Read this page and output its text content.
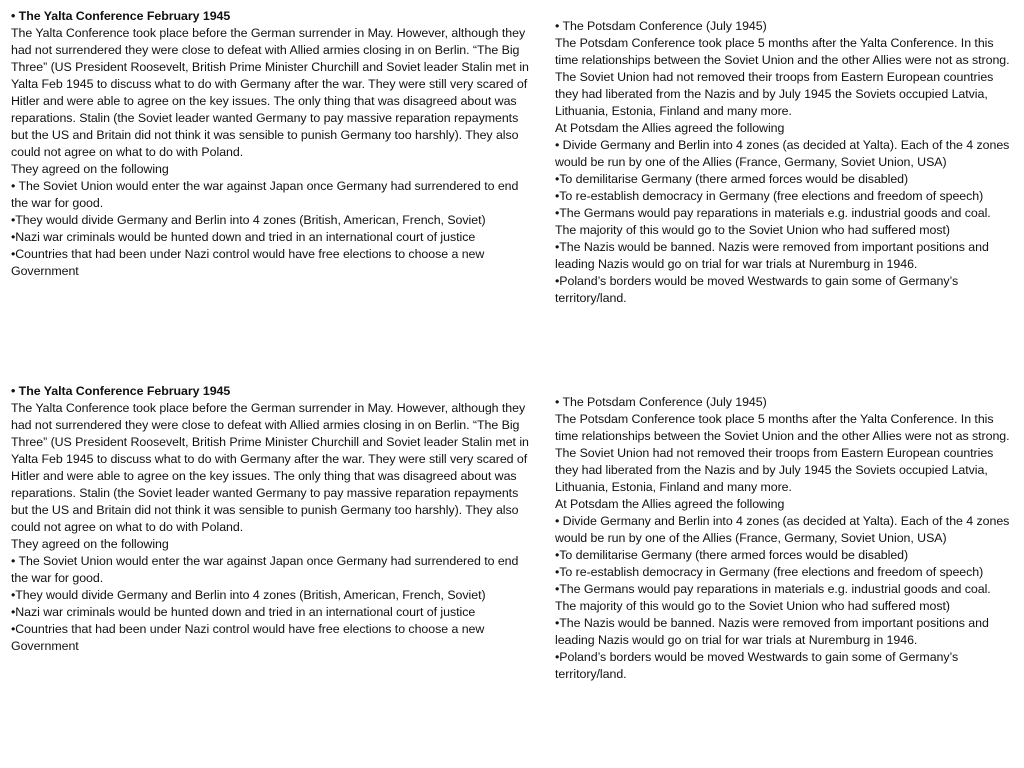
• The Yalta Conference February 1945

The Yalta Conference took place before the German surrender in May. However, although they had not surrendered they were close to defeat with Allied armies closing in on Berlin. “The Big Three” (US President Roosevelt, British Prime Minister Churchill and Soviet leader Stalin met in Yalta Feb 1945 to discuss what to do with Germany after the war. They were still very scared of Hitler and were able to agree on the key issues. The only thing that was disagreed about was reparations. Stalin (the Soviet leader wanted Germany to pay massive reparation repayments but the US and Britain did not think it was sensible to punish Germany too harshly). They also could not agree on what to do with Poland.

They agreed on the following

• The Soviet Union would enter the war against Japan once Germany had surrendered to end the war for good.

•They would divide Germany and Berlin into 4 zones (British, American, French, Soviet)

•Nazi war criminals would be hunted down and tried in an international court of justice

•Countries that had been under Nazi control would have free elections to choose a new Government

• The Potsdam Conference (July 1945)

The Potsdam Conference took place 5 months after the Yalta Conference. In this time relationships between the Soviet Union and the other Allies were not as strong. The Soviet Union had not removed their troops from Eastern European countries they had liberated from the Nazis and by July 1945 the Soviets occupied Latvia, Lithuania, Estonia, Finland and many more.

At Potsdam the Allies agreed the following

• Divide Germany and Berlin into 4 zones (as decided at Yalta). Each of the 4 zones would be run by one of the Allies (France, Germany, Soviet Union, USA)

•To demilitarise Germany (there armed forces would be disabled)

•To re-establish democracy in Germany (free elections and freedom of speech)

•The Germans would pay reparations in materials e.g. industrial goods and coal. The majority of this would go to the Soviet Union who had suffered most)

•The Nazis would be banned. Nazis were removed from important positions and leading Nazis would go on trial for war trials at Nuremburg in 1946.

•Poland’s borders would be moved Westwards to gain some of Germany’s territory/land.

• The Yalta Conference February 1945

The Yalta Conference took place before the German surrender in May. However, although they had not surrendered they were close to defeat with Allied armies closing in on Berlin. “The Big Three” (US President Roosevelt, British Prime Minister Churchill and Soviet leader Stalin met in Yalta Feb 1945 to discuss what to do with Germany after the war. They were still very scared of Hitler and were able to agree on the key issues. The only thing that was disagreed about was reparations. Stalin (the Soviet leader wanted Germany to pay massive reparation repayments but the US and Britain did not think it was sensible to punish Germany too harshly). They also could not agree on what to do with Poland.

They agreed on the following

• The Soviet Union would enter the war against Japan once Germany had surrendered to end the war for good.

•They would divide Germany and Berlin into 4 zones (British, American, French, Soviet)

•Nazi war criminals would be hunted down and tried in an international court of justice

•Countries that had been under Nazi control would have free elections to choose a new Government

• The Potsdam Conference (July 1945)

The Potsdam Conference took place 5 months after the Yalta Conference. In this time relationships between the Soviet Union and the other Allies were not as strong. The Soviet Union had not removed their troops from Eastern European countries they had liberated from the Nazis and by July 1945 the Soviets occupied Latvia, Lithuania, Estonia, Finland and many more.

At Potsdam the Allies agreed the following

• Divide Germany and Berlin into 4 zones (as decided at Yalta). Each of the 4 zones would be run by one of the Allies (France, Germany, Soviet Union, USA)

•To demilitarise Germany (there armed forces would be disabled)

•To re-establish democracy in Germany (free elections and freedom of speech)

•The Germans would pay reparations in materials e.g. industrial goods and coal. The majority of this would go to the Soviet Union who had suffered most)

•The Nazis would be banned. Nazis were removed from important positions and leading Nazis would go on trial for war trials at Nuremburg in 1946.

•Poland’s borders would be moved Westwards to gain some of Germany’s territory/land.
